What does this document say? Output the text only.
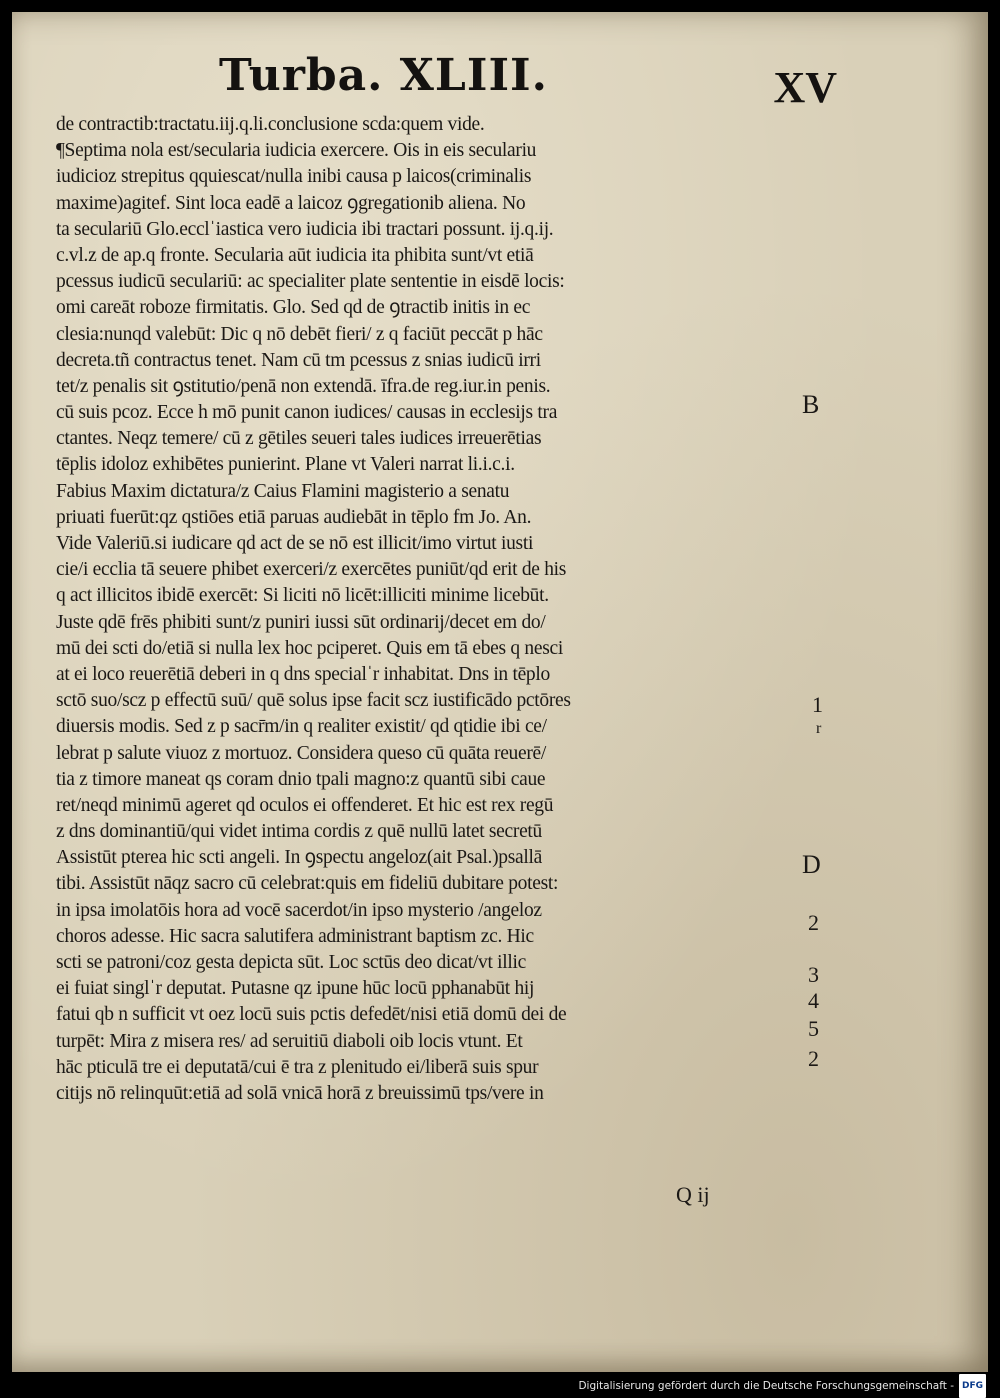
Turba. XLIII.	XV
de contractib:tractatu.iij.q.li.conclusione scda:quem vide.
¶Septima nola est/secularia iudicia exercere. Ois in eis seculariu
iudicioz strepitus qquiescat/nulla inibi causa p laicos(criminalis
maxime)agitef. Sint loca eadē a laicoz ꝯgregationib aliena. No
ta seculariū Glo.ecclˈiastica vero iudicia ibi tractari possunt. ij.q.ij.
c.vl.z de ap.q fronte. Secularia aūt iudicia ita phibita sunt/vt etiā
pcessus iudicū seculariū: ac specialiter plate sententie in eisdē locis:
omi careāt roboze firmitatis. Glo. Sed qd de ꝯtractib initis in ec
clesia:nunqd valebūt: Dic q nō debēt fieri/ z q faciūt peccāt p hāc
decreta.tñ contractus tenet. Nam cū tm pcessus z snias iudicū irri
tet/z penalis sit ꝯstitutio/penā non extendā. īfra.de reg.iur.in penis.
cū suis pcoz. Ecce h mō punit canon iudices/ causas in ecclesijs tra
ctantes. Neqz temere/ cū z gētiles seueri tales iudices irreuerētias
tēplis idoloz exhibētes punierint. Plane vt Valeri narrat li.i.c.i.
Fabius Maxim dictatura/z Caius Flamini magisterio a senatu
priuati fuerūt:qz qstiōes etiā paruas audiebāt in tēplo fm Jo. An.
Vide Valeriū.si iudicare qd act de se nō est illicit/imo virtut iusti
cie/i ecclia tā seuere phibet exerceri/z exercētes puniūt/qd erit de his
q act illicitos ibidē exercēt: Si liciti nō licēt:illiciti minime licebūt.
Juste qdē frēs phibiti sunt/z puniri iussi sūt ordinarij/decet em do/
mū dei scti do/etiā si nulla lex hoc pciperet. Quis em tā ebes q nesci
at ei loco reuerētiā deberi in q dns specialˈr inhabitat. Dns in tēplo
sctō suo/scz p effectū suū/ quē solus ipse facit scz iustificādo pctōres
diuersis modis. Sed z p sacr̄m/in q realiter existit/ qd qtidie ibi ce/
lebrat p salute viuoz z mortuoz. Considera queso cū quāta reuerē/
tia z timore maneat qs coram dnio tpali magno:z quantū sibi caue
ret/neqd minimū ageret qd oculos ei offenderet. Et hic est rex regū
z dns dominantiū/qui videt intima cordis z quē nullū latet secretū
Assistūt pterea hic scti angeli. In ꝯspectu angeloz(ait Psal.)psallā
tibi. Assistūt nāqz sacro cū celebrat:quis em fideliū dubitare potest:
in ipsa imolatōis hora ad vocē sacerdot/in ipso mysterio /angeloz
choros adesse. Hic sacra salutifera administrant baptism zc. Hic
scti se patroni/coz gesta depicta sūt. Loc sctūs deo dicat/vt illic
ei fuiat singlˈr deputat. Putasne qz ipune hūc locū pphanabūt hij
fatui qb n sufficit vt oez locū suis pctis defedēt/nisi etiā domū dei de
turpēt: Mira z misera res/ ad seruitiū diaboli oib locis vtunt. Et
hāc pticulā tre ei deputatā/cui ē tra z plenitudo ei/liberā suis spur
citijs nō relinquūt:etiā ad solā vnicā horā z breuissimū tps/vere in
Q ij
B
1
r
D
2
3
4
5
2
Digitalisierung gefördert durch die Deutsche Forschungsgemeinschaft - DFG
